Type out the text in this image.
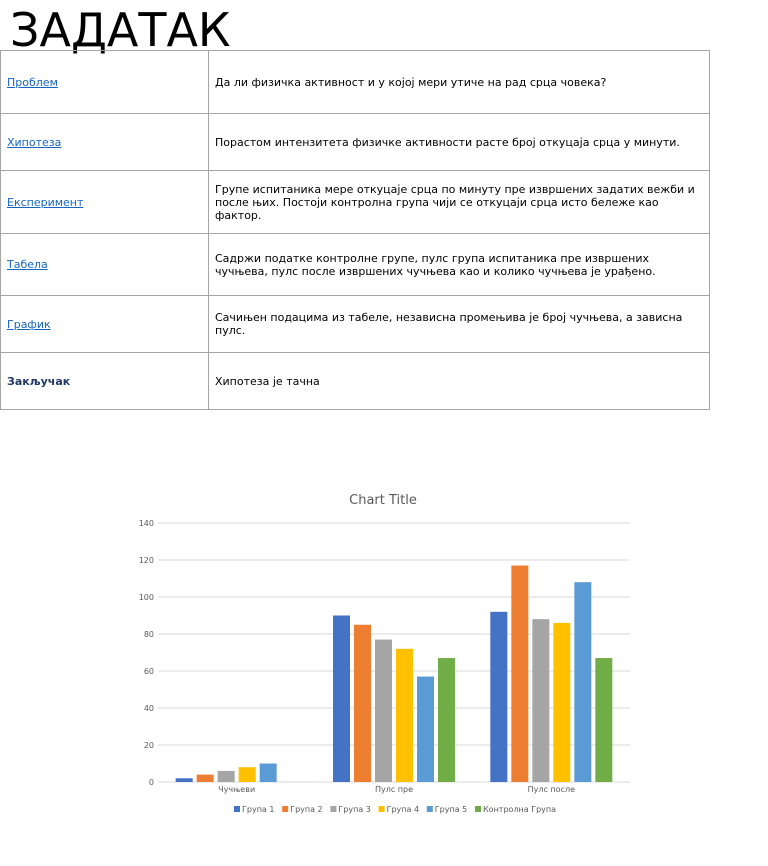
ЗАДАТАК
Проблем	Да ли физичка активност и у којој мери утиче на рад срца човека?
Хипотеза	Порастом интензитета физичке активности расте број откуцаја срца у минути.
Експеримент	Групе испитаника мере откуцаје срца по минуту пре извршених задатих вежби и после њих. Постоји контролна група чији се откуцаји срца исто бележе као фактор.
Табела	Садржи податке контролне групе, пулс група испитаника пре извршених чучњева, пулс после извршених чучњева као и колико чучњева је урађено.
График	Сачињен подацима из табеле, независна промењива је број чучњева, а зависна пулс.
Закључак	Хипотеза је тачна
Chart Title
0
20
40
60
80
100
120
140
Чучњеви	Пулс пре	Пулс после
Група 1 Група 2 Група 3 Група 4 Група 5 Контролна Група
